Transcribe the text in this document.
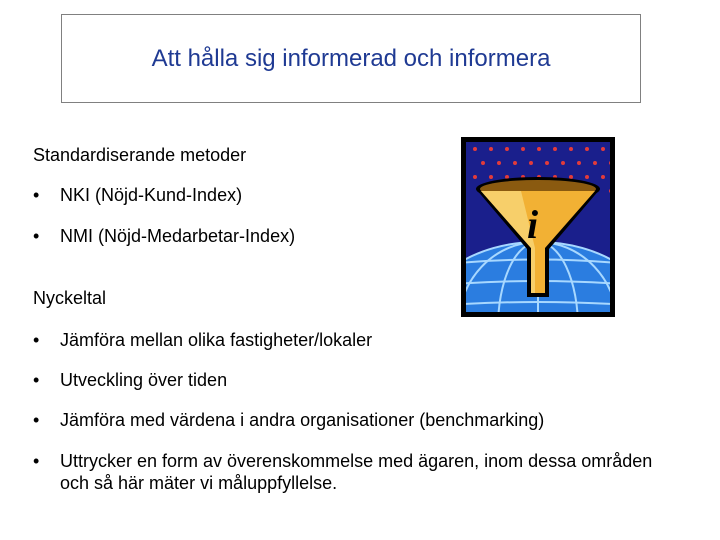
Att hålla sig informerad och informera
Standardiserande metoder
• NKI (Nöjd-Kund-Index)
• NMI (Nöjd-Medarbetar-Index)
Nyckeltal
• Jämföra mellan olika fastigheter/lokaler
• Utveckling över tiden
• Jämföra med värdena i andra organisationer (benchmarking)
• Uttrycker en form av överenskommelse med ägaren, inom dessa områden och så här mäter vi måluppfyllelse.
i
